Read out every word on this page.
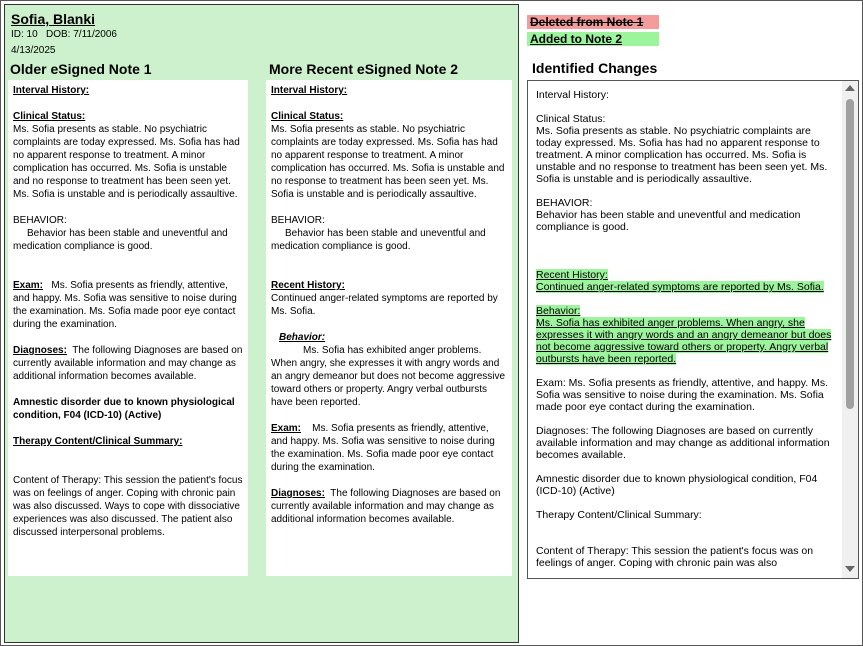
Sofia, Blanki
ID: 10   DOB: 7/11/2006
4/13/2025
Older eSigned Note 1	More Recent eSigned Note 2

Interval History:

Clinical Status:

Ms. Sofia presents as stable. No psychiatric complaints are today expressed. Ms. Sofia has had no apparent response to treatment. A minor complication has occurred. Ms. Sofia is unstable and no response to treatment has been seen yet. Ms. Sofia is unstable and is periodically assaultive.

BEHAVIOR:

Behavior has been stable and uneventful and medication compliance is good.

Exam: Ms. Sofia presents as friendly, attentive, and happy. Ms. Sofia was sensitive to noise during the examination. Ms. Sofia made poor eye contact during the examination.

Diagnoses: The following Diagnoses are based on currently available information and may change as additional information becomes available.

Amnestic disorder due to known physiological condition, F04 (ICD-10) (Active)

Therapy Content/Clinical Summary:

Content of Therapy: This session the patient's focus was on feelings of anger. Coping with chronic pain was also discussed. Ways to cope with dissociative experiences was also discussed. The patient also discussed interpersonal problems.

Interval History:

Clinical Status:

Ms. Sofia presents as stable. No psychiatric complaints are today expressed. Ms. Sofia has had no apparent response to treatment. A minor complication has occurred. Ms. Sofia is unstable and no response to treatment has been seen yet. Ms. Sofia is unstable and is periodically assaultive.

BEHAVIOR:

Behavior has been stable and uneventful and medication compliance is good.

Recent History:

Continued anger-related symptoms are reported by Ms. Sofia.

Behavior:

Ms. Sofia has exhibited anger problems. When angry, she expresses it with angry words and an angry demeanor but does not become aggressive toward others or property. Angry verbal outbursts have been reported.

Exam: Ms. Sofia presents as friendly, attentive, and happy. Ms. Sofia was sensitive to noise during the examination. Ms. Sofia made poor eye contact during the examination.

Diagnoses: The following Diagnoses are based on currently available information and may change as additional information becomes available.

Deleted from Note 1
Added to Note 2
Identified Changes

Interval History:

Clinical Status:

Ms. Sofia presents as stable. No psychiatric complaints are today expressed. Ms. Sofia has had no apparent response to treatment. A minor complication has occurred. Ms. Sofia is unstable and no response to treatment has been seen yet. Ms. Sofia is unstable and is periodically assaultive.

BEHAVIOR:

Behavior has been stable and uneventful and medication compliance is good.

Recent History:

Continued anger-related symptoms are reported by Ms. Sofia.

Behavior:

Ms. Sofia has exhibited anger problems. When angry, she expresses it with angry words and an angry demeanor but does not become aggressive toward others or property. Angry verbal outbursts have been reported.

Exam: Ms. Sofia presents as friendly, attentive, and happy. Ms. Sofia was sensitive to noise during the examination. Ms. Sofia made poor eye contact during the examination.

Diagnoses: The following Diagnoses are based on currently available information and may change as additional information becomes available.

Amnestic disorder due to known physiological condition, F04 (ICD-10) (Active)

Therapy Content/Clinical Summary:

Content of Therapy: This session the patient's focus was on feelings of anger. Coping with chronic pain was also
